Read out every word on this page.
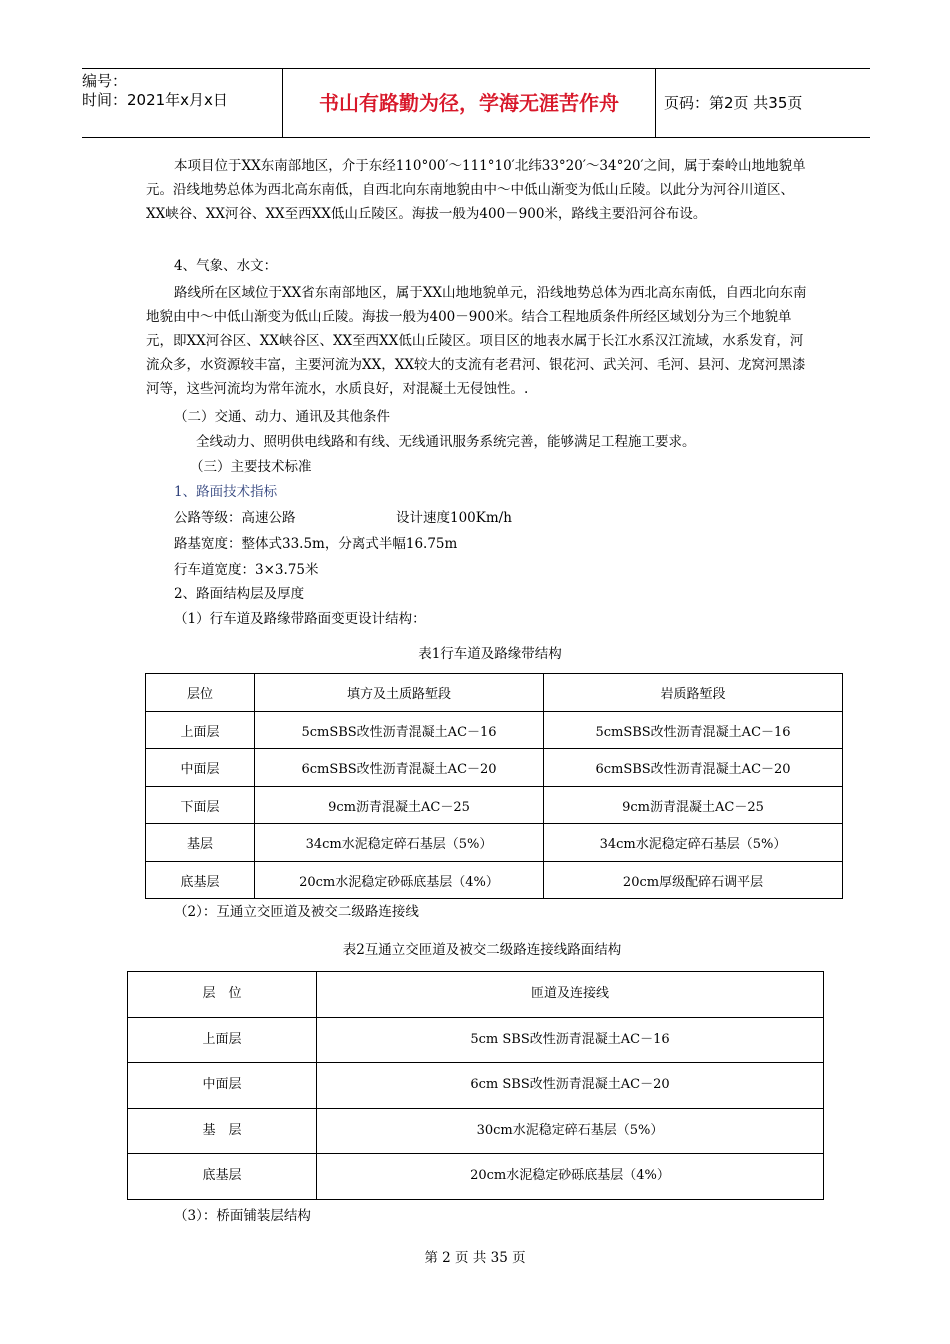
编号：
时间：2021年x月x日	书山有路勤为径，学海无涯苦作舟	页码：第2页 共35页
本项目位于XX东南部地区，介于东经110°00′～111°10′北纬33°20′～34°20′之间，属于秦岭山地地貌单元。沿线地势总体为西北高东南低，自西北向东南地貌由中～中低山渐变为低山丘陵。以此分为河谷川道区、XX峡谷、XX河谷、XX至西XX低山丘陵区。海拔一般为400－900米，路线主要沿河谷布设。
4、气象、水文：
路线所在区域位于XX省东南部地区，属于XX山地地貌单元，沿线地势总体为西北高东南低，自西北向东南地貌由中～中低山渐变为低山丘陵。海拔一般为400－900米。结合工程地质条件所经区域划分为三个地貌单元，即XX河谷区、XX峡谷区、XX至西XX低山丘陵区。项目区的地表水属于长江水系汉江流域，水系发育，河流众多，水资源较丰富，主要河流为XX，XX较大的支流有老君河、银花河、武关河、毛河、县河、龙窝河黑漆河等，这些河流均为常年流水，水质良好，对混凝土无侵蚀性。.
（二）交通、动力、通讯及其他条件
全线动力、照明供电线路和有线、无线通讯服务系统完善，能够满足工程施工要求。
（三）主要技术标准
1、路面技术指标
公路等级：高速公路	设计速度100Km/h
路基宽度：整体式33.5m，分离式半幅16.75m
行车道宽度：3×3.75米
2、路面结构层及厚度
（1）行车道及路缘带路面变更设计结构：
表1行车道及路缘带结构
层位	填方及土质路堑段	岩质路堑段
上面层	5cmSBS改性沥青混凝土AC－16	5cmSBS改性沥青混凝土AC－16
中面层	6cmSBS改性沥青混凝土AC－20	6cmSBS改性沥青混凝土AC－20
下面层	9cm沥青混凝土AC－25	9cm沥青混凝土AC－25
基层	34cm水泥稳定碎石基层（5%）	34cm水泥稳定碎石基层（5%）
底基层	20cm水泥稳定砂砾底基层（4%）	20cm厚级配碎石调平层
（2）：互通立交匝道及被交二级路连接线
表2互通立交匝道及被交二级路连接线路面结构
层　位	匝道及连接线
上面层	5cm SBS改性沥青混凝土AC－16
中面层	6cm SBS改性沥青混凝土AC－20
基　层	30cm水泥稳定碎石基层（5%）
底基层	20cm水泥稳定砂砾底基层（4%）
（3）：桥面铺装层结构
第 2 页 共 35 页
